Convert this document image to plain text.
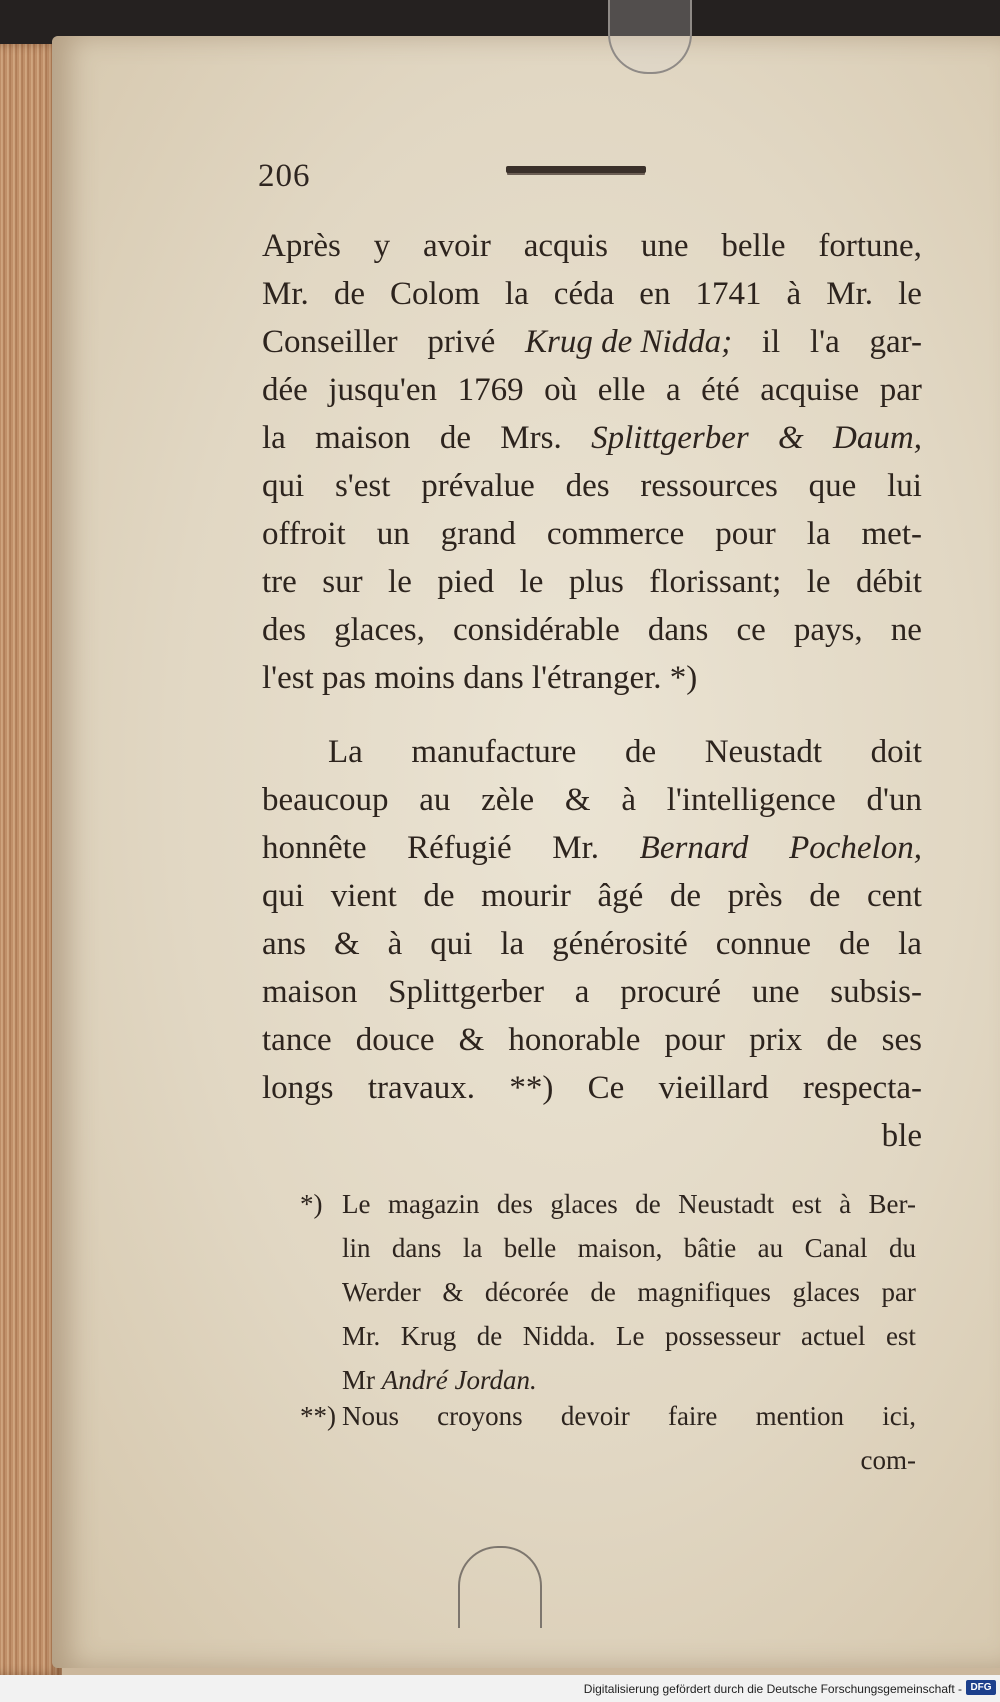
206
Après y avoir acquis une belle fortune,
Mr. de Colom la céda en 1741 à Mr. le
Conseiller privé Krug de Nidda; il l'a gar-
dée jusqu'en 1769 où elle a été acquise par
la maison de Mrs. Splittgerber & Daum,
qui s'est prévalue des ressources que lui
offroit un grand commerce pour la met-
tre sur le pied le plus florissant; le débit
des glaces, considérable dans ce pays, ne
l'est pas moins dans l'étranger. *)
La manufacture de Neustadt doit
beaucoup au zèle & à l'intelligence d'un
honnête Réfugié Mr. Bernard Pochelon,
qui vient de mourir âgé de près de cent
ans & à qui la générosité connue de la
maison Splittgerber a procuré une subsis-
tance douce & honorable pour prix de ses
longs travaux. **) Ce vieillard respecta-
ble
*) Le magazin des glaces de Neustadt est à Ber-
lin dans la belle maison, bâtie au Canal du
Werder & décorée de magnifiques glaces par
Mr. Krug de Nidda. Le possesseur actuel est
Mr André Jordan.
**) Nous croyons devoir faire mention ici,
com-
Digitalisierung gefördert durch die Deutsche Forschungsgemeinschaft - DFG
